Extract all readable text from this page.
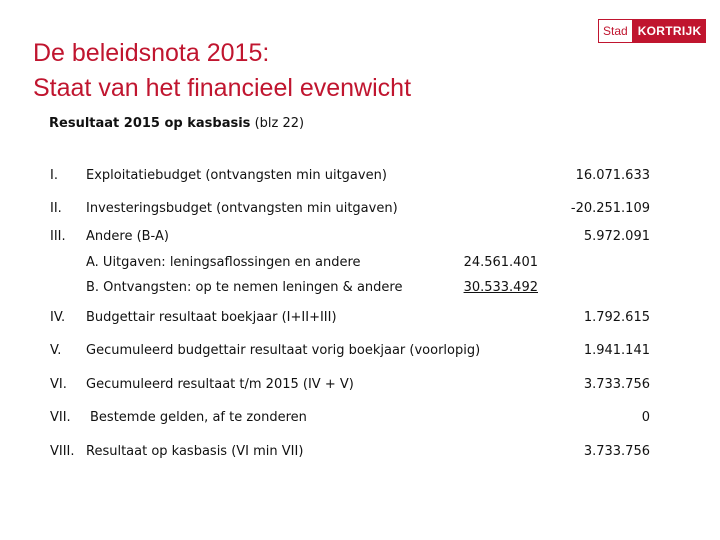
De beleidsnota 2015:
Staat van het financieel evenwicht
Stad KORTRIJK
Resultaat 2015 op kasbasis (blz 22)
I. Exploitatiebudget (ontvangsten min uitgaven)	16.071.633
II. Investeringsbudget (ontvangsten min uitgaven)	-20.251.109
III. Andere (B-A)	5.972.091
A. Uitgaven: leningsaflossingen en andere	24.561.401
B. Ontvangsten: op te nemen leningen & andere	30.533.492
IV. Budgettair resultaat boekjaar (I+II+III)	1.792.615
V. Gecumuleerd budgettair resultaat vorig boekjaar (voorlopig)	1.941.141
VI. Gecumuleerd resultaat t/m 2015 (IV + V)	3.733.756
VII. Bestemde gelden, af te zonderen	0
VIII. Resultaat op kasbasis (VI min VII)	3.733.756
